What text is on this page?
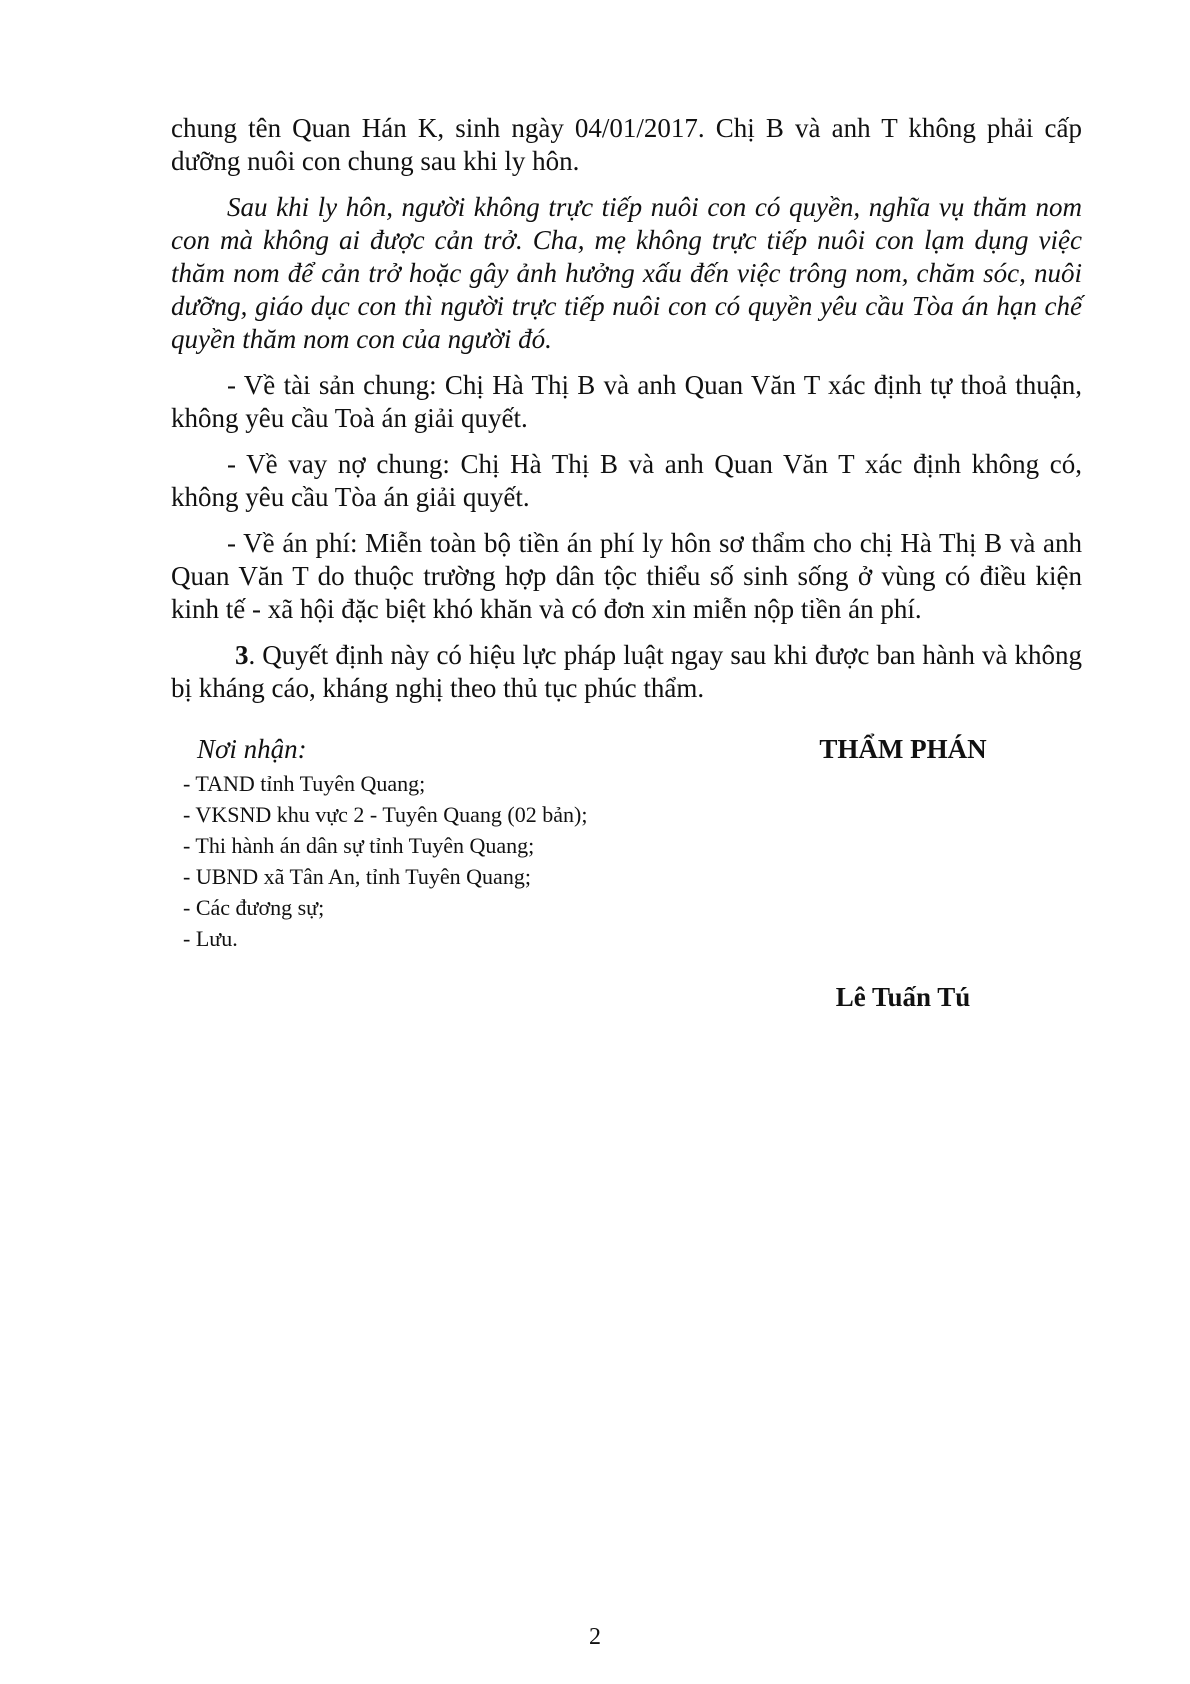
chung tên Quan Hán K, sinh ngày 04/01/2017. Chị B và anh T không phải cấp dưỡng nuôi con chung sau khi ly hôn.

Sau khi ly hôn, người không trực tiếp nuôi con có quyền, nghĩa vụ thăm nom con mà không ai được cản trở. Cha, mẹ không trực tiếp nuôi con lạm dụng việc thăm nom để cản trở hoặc gây ảnh hưởng xấu đến việc trông nom, chăm sóc, nuôi dưỡng, giáo dục con thì người trực tiếp nuôi con có quyền yêu cầu Tòa án hạn chế quyền thăm nom con của người đó.

- Về tài sản chung: Chị Hà Thị B và anh Quan Văn T xác định tự thoả thuận, không yêu cầu Toà án giải quyết.

- Về vay nợ chung: Chị Hà Thị B và anh Quan Văn T xác định không có, không yêu cầu Tòa án giải quyết.

- Về án phí: Miễn toàn bộ tiền án phí ly hôn sơ thẩm cho chị Hà Thị B và anh Quan Văn T do thuộc trường hợp dân tộc thiểu số sinh sống ở vùng có điều kiện kinh tế - xã hội đặc biệt khó khăn và có đơn xin miễn nộp tiền án phí.

3. Quyết định này có hiệu lực pháp luật ngay sau khi được ban hành và không bị kháng cáo, kháng nghị theo thủ tục phúc thẩm.

Nơi nhận:
- TAND tỉnh Tuyên Quang;
- VKSND khu vực 2 - Tuyên Quang (02 bản);
- Thi hành án dân sự tỉnh Tuyên Quang;
- UBND xã Tân An, tỉnh Tuyên Quang;
- Các đương sự;
- Lưu.

THẨM PHÁN

Lê Tuấn Tú

2
